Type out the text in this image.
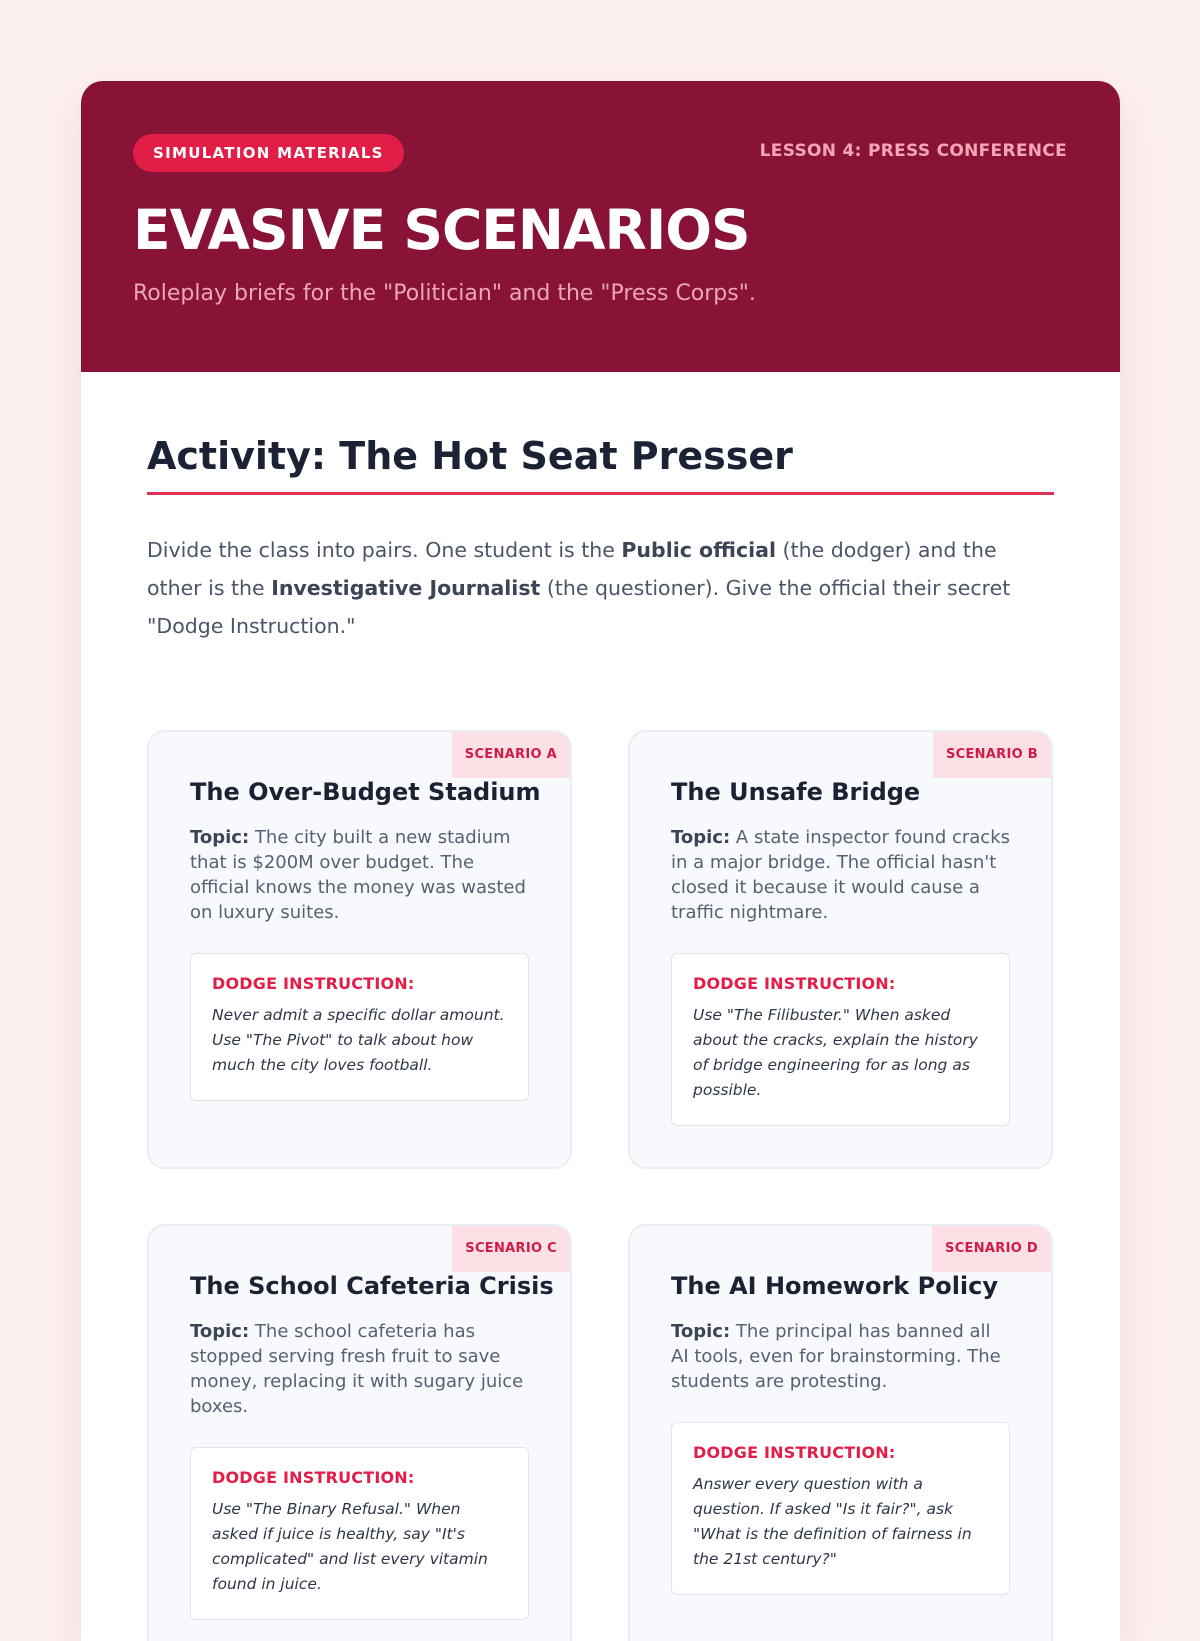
SIMULATION MATERIALS	LESSON 4: PRESS CONFERENCE
EVASIVE SCENARIOS

Roleplay briefs for the "Politician" and the "Press Corps".

Activity: The Hot Seat Presser

Divide the class into pairs. One student is the Public official (the dodger) and the other is the Investigative Journalist (the questioner). Give the official their secret "Dodge Instruction."

SCENARIO A
The Over-Budget Stadium

Topic: The city built a new stadium that is $200M over budget. The official knows the money was wasted on luxury suites.

DODGE INSTRUCTION:
Never admit a specific dollar amount. Use "The Pivot" to talk about how much the city loves football.
SCENARIO B
The Unsafe Bridge

Topic: A state inspector found cracks in a major bridge. The official hasn't closed it because it would cause a traffic nightmare.

DODGE INSTRUCTION:
Use "The Filibuster." When asked about the cracks, explain the history of bridge engineering for as long as possible.
SCENARIO C
The School Cafeteria Crisis

Topic: The school cafeteria has stopped serving fresh fruit to save money, replacing it with sugary juice boxes.

DODGE INSTRUCTION:
Use "The Binary Refusal." When asked if juice is healthy, say "It's complicated" and list every vitamin found in juice.
SCENARIO D
The AI Homework Policy

Topic: The principal has banned all AI tools, even for brainstorming. The students are protesting.

DODGE INSTRUCTION:
Answer every question with a question. If asked "Is it fair?", ask "What is the definition of fairness in the 21st century?"
